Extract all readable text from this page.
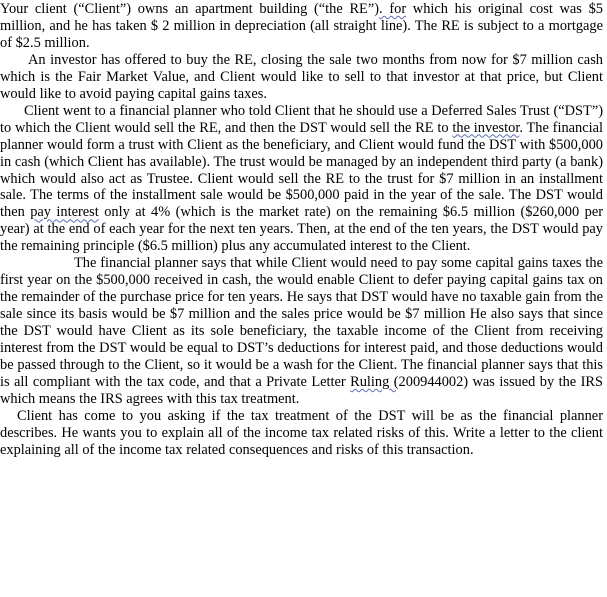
Your client (“Client”) owns an apartment building (“the RE”). for which his original cost was $5 million, and he has taken $ 2 million in depreciation (all straight line). The RE is subject to a mortgage of $2.5 million.

An investor has offered to buy the RE, closing the sale two months from now for $7 million cash which is the Fair Market Value, and Client would like to sell to that investor at that price, but Client would like to avoid paying capital gains taxes.

Client went to a financial planner who told Client that he should use a Deferred Sales Trust (“DST”) to which the Client would sell the RE, and then the DST would sell the RE to the investor. The financial planner would form a trust with Client as the beneficiary, and Client would fund the DST with $500,000 in cash (which Client has available). The trust would be managed by an independent third party (a bank) which would also act as Trustee. Client would sell the RE to the trust for $7 million in an installment sale. The terms of the installment sale would be $500,000 paid in the year of the sale. The DST would then pay interest only at 4% (which is the market rate) on the remaining $6.5 million ($260,000 per year) at the end of each year for the next ten years. Then, at the end of the ten years, the DST would pay the remaining principle ($6.5 million) plus any accumulated interest to the Client.

The financial planner says that while Client would need to pay some capital gains taxes the first year on the $500,000 received in cash, the would enable Client to defer paying capital gains tax on the remainder of the purchase price for ten years. He says that DST would have no taxable gain from the sale since its basis would be $7 million and the sales price would be $7 million He also says that since the DST would have Client as its sole beneficiary, the taxable income of the Client from receiving interest from the DST would be equal to DST’s deductions for interest paid, and those deductions would be passed through to the Client, so it would be a wash for the Client. The financial planner says that this is all compliant with the tax code, and that a Private Letter Ruling (200944002) was issued by the IRS which means the IRS agrees with this tax treatment.

Client has come to you asking if the tax treatment of the DST will be as the financial planner describes. He wants you to explain all of the income tax related risks of this. Write a letter to the client explaining all of the income tax related consequences and risks of this transaction.
